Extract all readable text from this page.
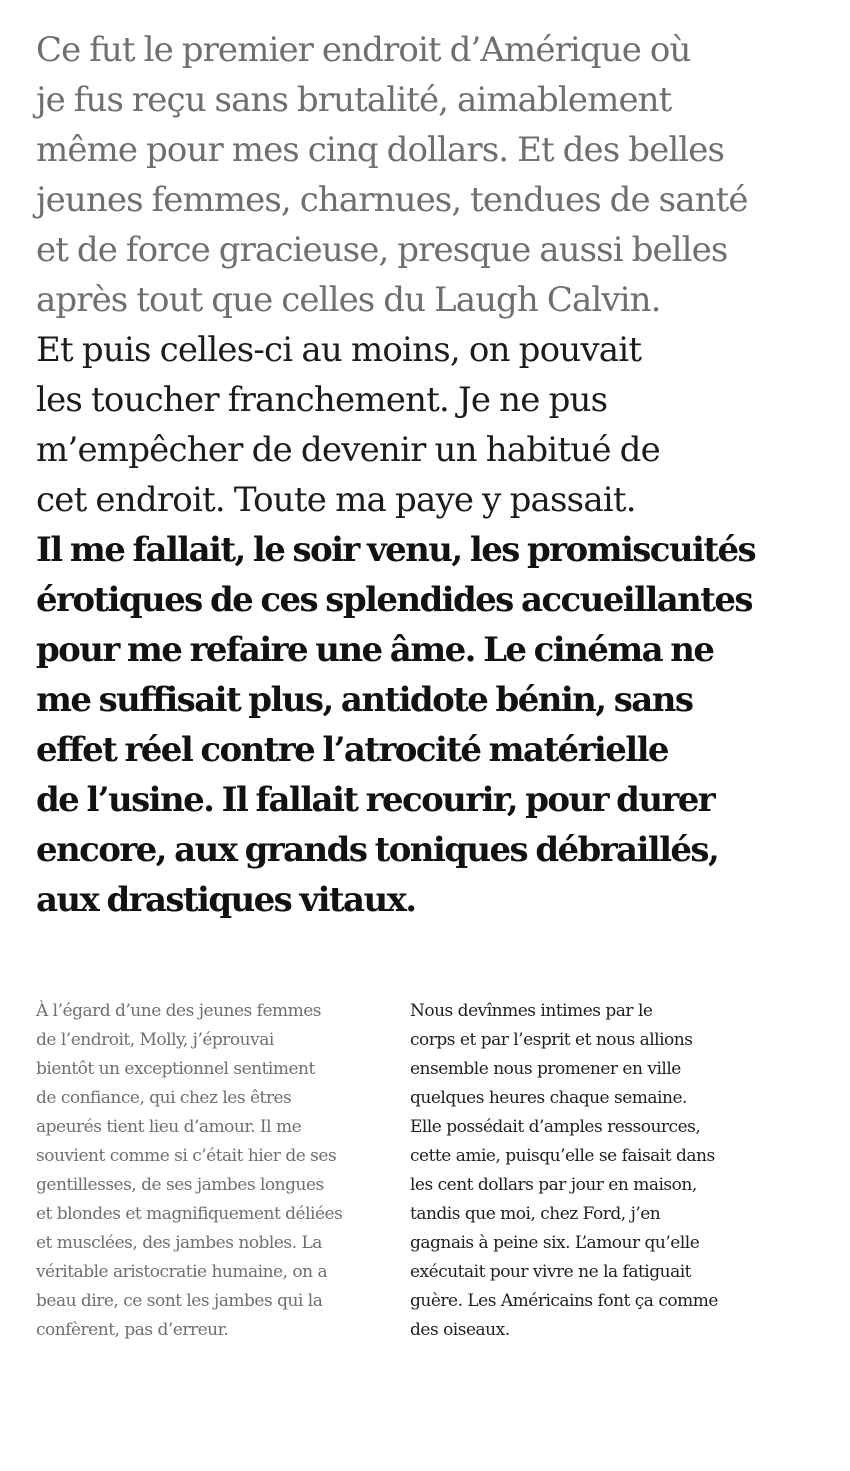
Ce fut le premier endroit d’Amérique où
je fus reçu sans brutalité, aimablement
même pour mes cinq dollars. Et des belles
jeunes femmes, charnues, tendues de santé
et de force gracieuse, presque aussi belles
après tout que celles du Laugh Calvin.

Et puis celles-ci au moins, on pouvait
les toucher franchement. Je ne pus
m’empêcher de devenir un habitué de
cet endroit. Toute ma paye y passait.

Il me fallait, le soir venu, les promiscuités
érotiques de ces splendides accueillantes
pour me refaire une âme. Le cinéma ne
me suffisait plus, antidote bénin, sans
effet réel contre l’atrocité matérielle
de l’usine. Il fallait recourir, pour durer
encore, aux grands toniques débraillés,
aux drastiques vitaux.

À l’égard d’une des jeunes femmes
de l’endroit, Molly, j’éprouvai
bientôt un exceptionnel sentiment
de confiance, qui chez les êtres
apeurés tient lieu d’amour. Il me
souvient comme si c’était hier de ses
gentillesses, de ses jambes longues
et blondes et magnifiquement déliées
et musclées, des jambes nobles. La
véritable aristocratie humaine, on a
beau dire, ce sont les jambes qui la
confèrent, pas d’erreur.

Nous devînmes intimes par le
corps et par l’esprit et nous allions
ensemble nous promener en ville
quelques heures chaque semaine.
Elle possédait d’amples ressources,
cette amie, puisqu’elle se faisait dans
les cent dollars par jour en maison,
tandis que moi, chez Ford, j’en
gagnais à peine six. L’amour qu’elle
exécutait pour vivre ne la fatiguait
guère. Les Américains font ça comme
des oiseaux.
